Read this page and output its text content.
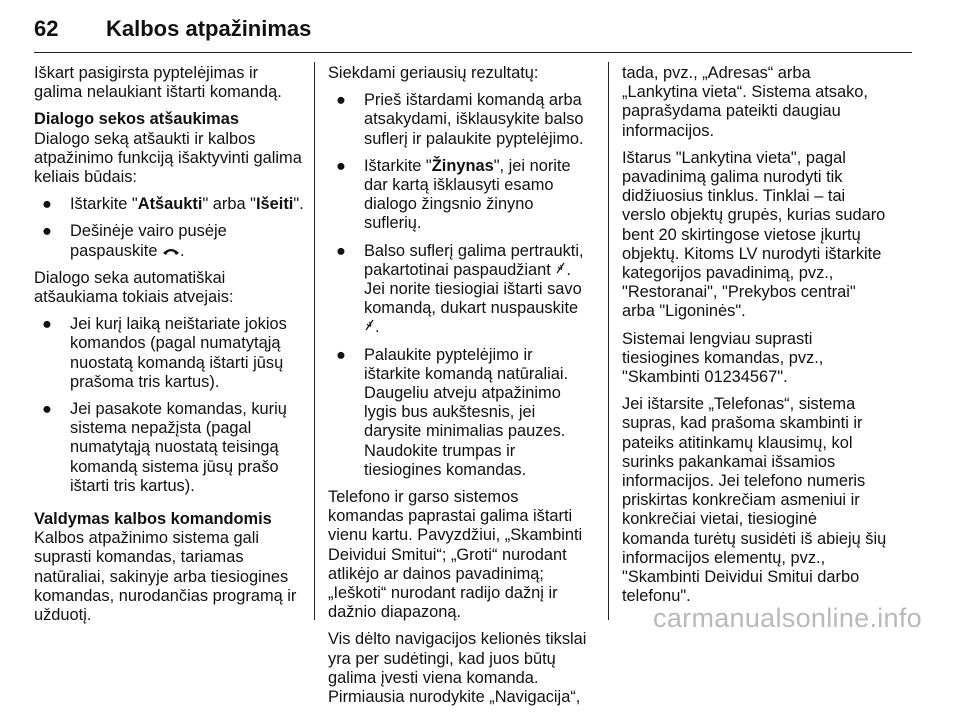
62 Kalbos atpažinimas

Iškart pasigirsta pyptelėjimas ir galima nelaukiant ištarti komandą.

Dialogo sekos atšaukimas

Dialogo seką atšaukti ir kalbos atpažinimo funkciją išaktyvinti galima keliais būdais:

● Ištarkite "Atšaukti" arba "Išeiti".
● Dešinėje vairo pusėje paspauskite .

Dialogo seka automatiškai atšaukiama tokiais atvejais:

● Jei kurį laiką neištariate jokios komandos (pagal numatytąją nuostatą komandą ištarti jūsų prašoma tris kartus).
● Jei pasakote komandas, kurių sistema nepažįsta (pagal numatytąją nuostatą teisingą komandą sistema jūsų prašo ištarti tris kartus).
Valdymas kalbos komandomis

Kalbos atpažinimo sistema gali suprasti komandas, tariamas natūraliai, sakinyje arba tiesiogines komandas, nurodančias programą ir užduotį.

Siekdami geriausių rezultatų:

● Prieš ištardami komandą arba atsakydami, išklausykite balso suflerį ir palaukite pyptelėjimo.
● Ištarkite "Žinynas", jei norite dar kartą išklausyti esamo dialogo žingsnio žinyno suflerių.
● Balso suflerį galima pertraukti, pakartotinai paspaudžiant . Jei norite tiesiogiai ištarti savo komandą, dukart nuspauskite .
● Palaukite pyptelėjimo ir ištarkite komandą natūraliai. Daugeliu atveju atpažinimo lygis bus aukštesnis, jei darysite minimalias pauzes. Naudokite trumpas ir tiesiogines komandas.

Telefono ir garso sistemos komandas paprastai galima ištarti vienu kartu. Pavyzdžiui, „Skambinti Deividui Smitui“; „Groti“ nurodant atlikėjo ar dainos pavadinimą; „Ieškoti“ nurodant radijo dažnį ir dažnio diapazoną.

Vis dėlto navigacijos kelionės tikslai yra per sudėtingi, kad juos būtų galima įvesti viena komanda. Pirmiausia nurodykite „Navigacija“,

tada, pvz., „Adresas“ arba „Lankytina vieta“. Sistema atsako, paprašydama pateikti daugiau informacijos.

Ištarus "Lankytina vieta", pagal pavadinimą galima nurodyti tik didžiuosius tinklus. Tinklai – tai verslo objektų grupės, kurias sudaro bent 20 skirtingose vietose įkurtų objektų. Kitoms LV nurodyti ištarkite kategorijos pavadinimą, pvz., "Restoranai", "Prekybos centrai" arba "Ligoninės".

Sistemai lengviau suprasti tiesiogines komandas, pvz., "Skambinti 01234567".

Jei ištarsite „Telefonas“, sistema supras, kad prašoma skambinti ir pateiks atitinkamų klausimų, kol surinks pakankamai išsamios informacijos. Jei telefono numeris priskirtas konkrečiam asmeniui ir konkrečiai vietai, tiesioginė komanda turėtų susidėti iš abiejų šių informacijos elementų, pvz., "Skambinti Deividui Smitui darbo telefonu".

carmanualsonline.info
